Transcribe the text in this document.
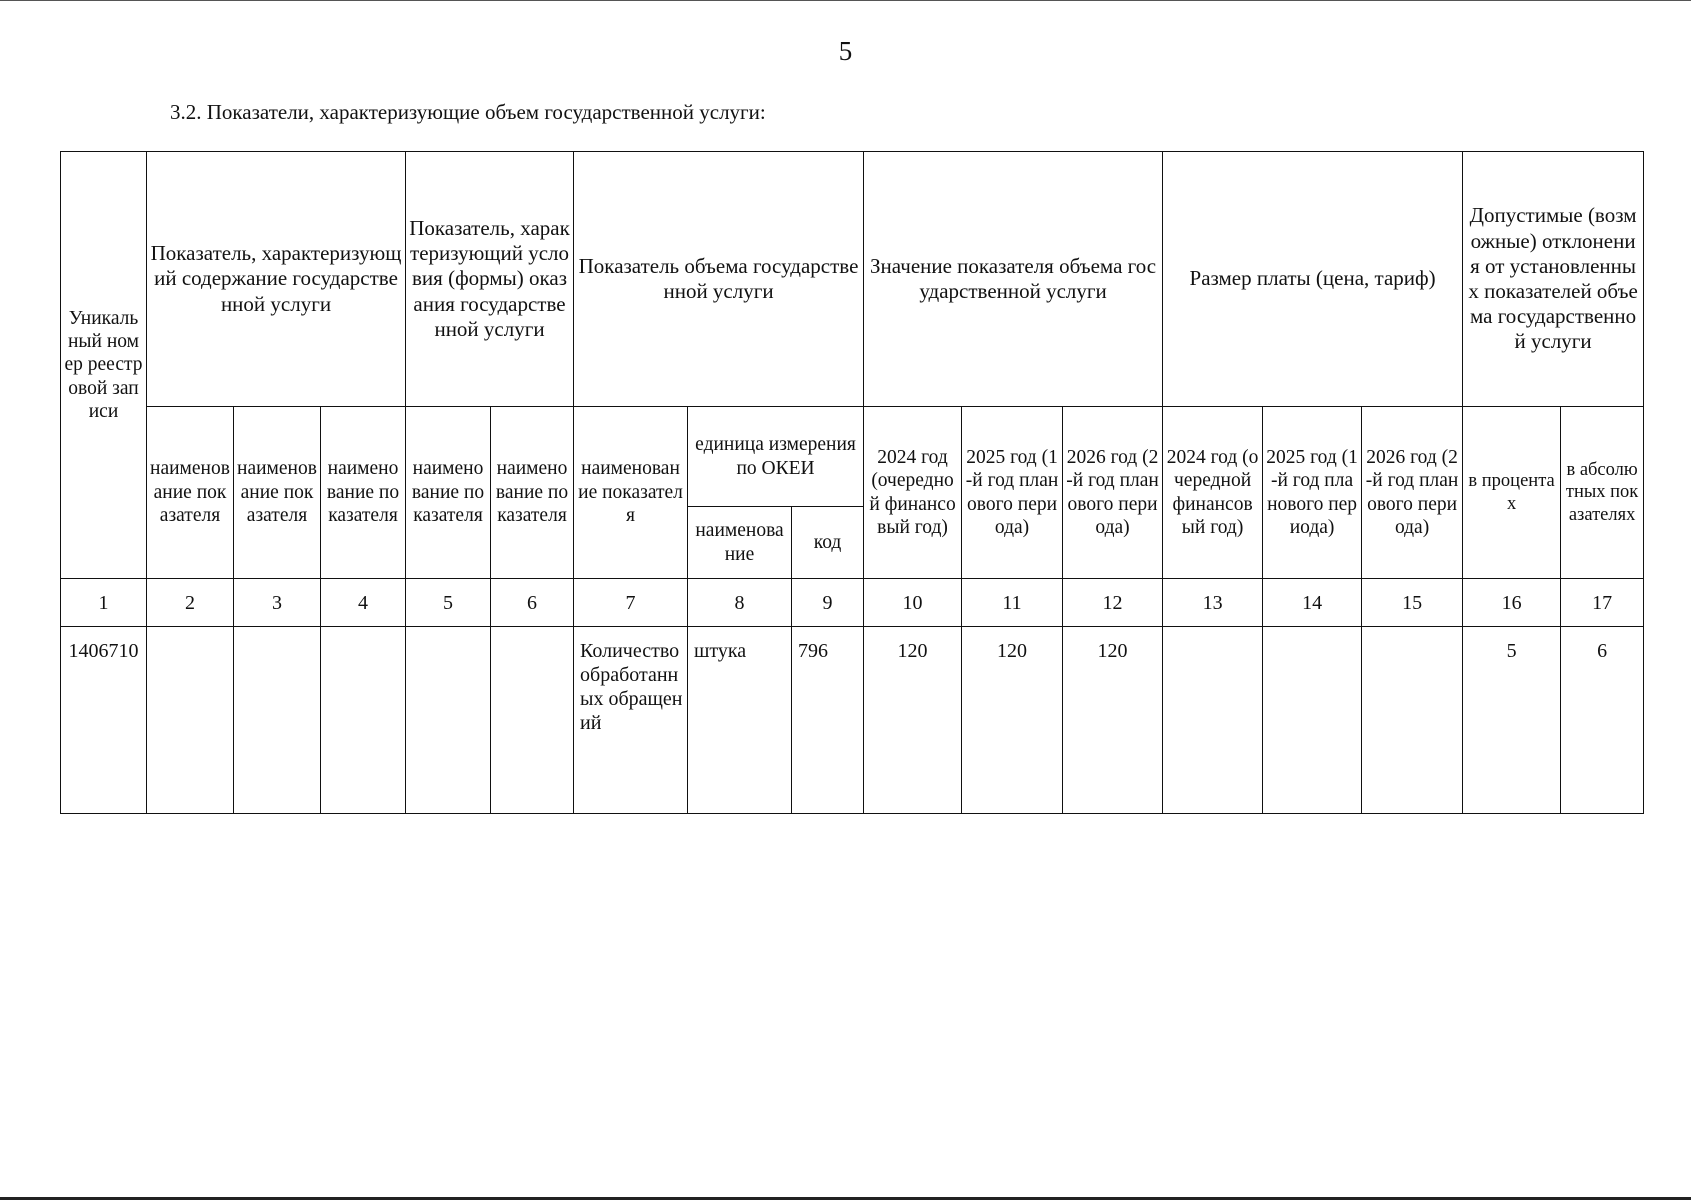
5
3.2. Показатели, характеризующие объем государственной услуги:
Уникальный номер реестровой записи	Показатель, характеризующий содержание государственной услуги			Показатель, характеризующий условия (формы) оказания государственной услуги		Показатель объема государственной услуги			Значение показателя объема государственной услуги			Размер платы (цена, тариф)			Допустимые (возможные) отклонения от установленных показателей объема государственной услуги	
	наименование показателя	наименование показателя	наименование показателя	наименование показателя	наименование показателя	наименование показателя	единица измерения по ОКЕИ		2024 год (очередной финансовый год)	2025 год (1-й год планового периода)	2026 год (2-й год планового периода)	2024 год (очередной финансовый год)	2025 год (1-й год планового периода)	2026 год (2-й год планового периода)	в процентах	в абсолютных показателях
							наименование	код								
1	2	3	4	5	6	7	8	9	10	11	12	13	14	15	16	17
1406710						Количество обработанных обращений	штука	796	120	120	120				5	6
